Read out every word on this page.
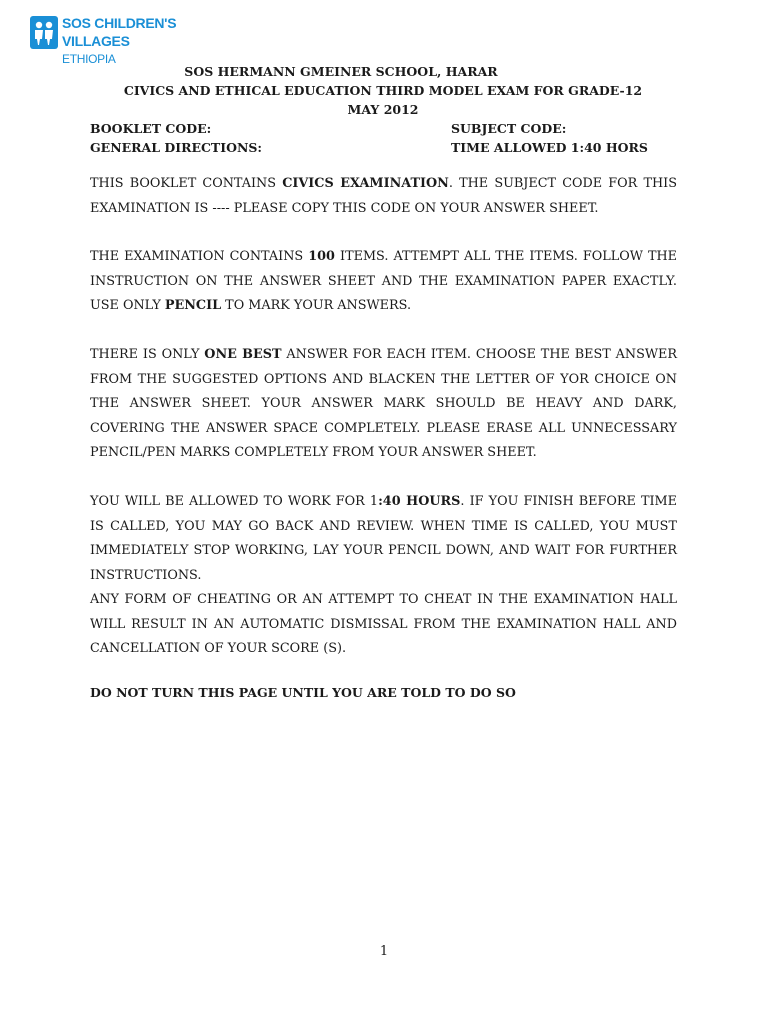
SOS CHILDREN'S
VILLAGES
ETHIOPIA
SOS HERMANN GMEINER SCHOOL, HARAR
CIVICS AND ETHICAL EDUCATION THIRD MODEL EXAM FOR GRADE-12
MAY 2012
BOOKLET CODE:	SUBJECT CODE:
GENERAL DIRECTIONS:	TIME ALLOWED 1:40 HORS
THIS BOOKLET CONTAINS CIVICS EXAMINATION. THE SUBJECT CODE FOR THIS EXAMINATION IS ---- PLEASE COPY THIS CODE ON YOUR ANSWER SHEET.
THE EXAMINATION CONTAINS 100 ITEMS. ATTEMPT ALL THE ITEMS. FOLLOW THE INSTRUCTION ON THE ANSWER SHEET AND THE EXAMINATION PAPER EXACTLY. USE ONLY PENCIL TO MARK YOUR ANSWERS.
THERE IS ONLY ONE BEST ANSWER FOR EACH ITEM. CHOOSE THE BEST ANSWER FROM THE SUGGESTED OPTIONS AND BLACKEN THE LETTER OF YOR CHOICE ON THE ANSWER SHEET. YOUR ANSWER MARK SHOULD BE HEAVY AND DARK, COVERING THE ANSWER SPACE COMPLETELY. PLEASE ERASE ALL UNNECESSARY PENCIL/PEN MARKS COMPLETELY FROM YOUR ANSWER SHEET.
YOU WILL BE ALLOWED TO WORK FOR 1:40 HOURS. IF YOU FINISH BEFORE TIME IS CALLED, YOU MAY GO BACK AND REVIEW. WHEN TIME IS CALLED, YOU MUST IMMEDIATELY STOP WORKING, LAY YOUR PENCIL DOWN, AND WAIT FOR FURTHER INSTRUCTIONS.
ANY FORM OF CHEATING OR AN ATTEMPT TO CHEAT IN THE EXAMINATION HALL WILL RESULT IN AN AUTOMATIC DISMISSAL FROM THE EXAMINATION HALL AND CANCELLATION OF YOUR SCORE (S).
DO NOT TURN THIS PAGE UNTIL YOU ARE TOLD TO DO SO
1
